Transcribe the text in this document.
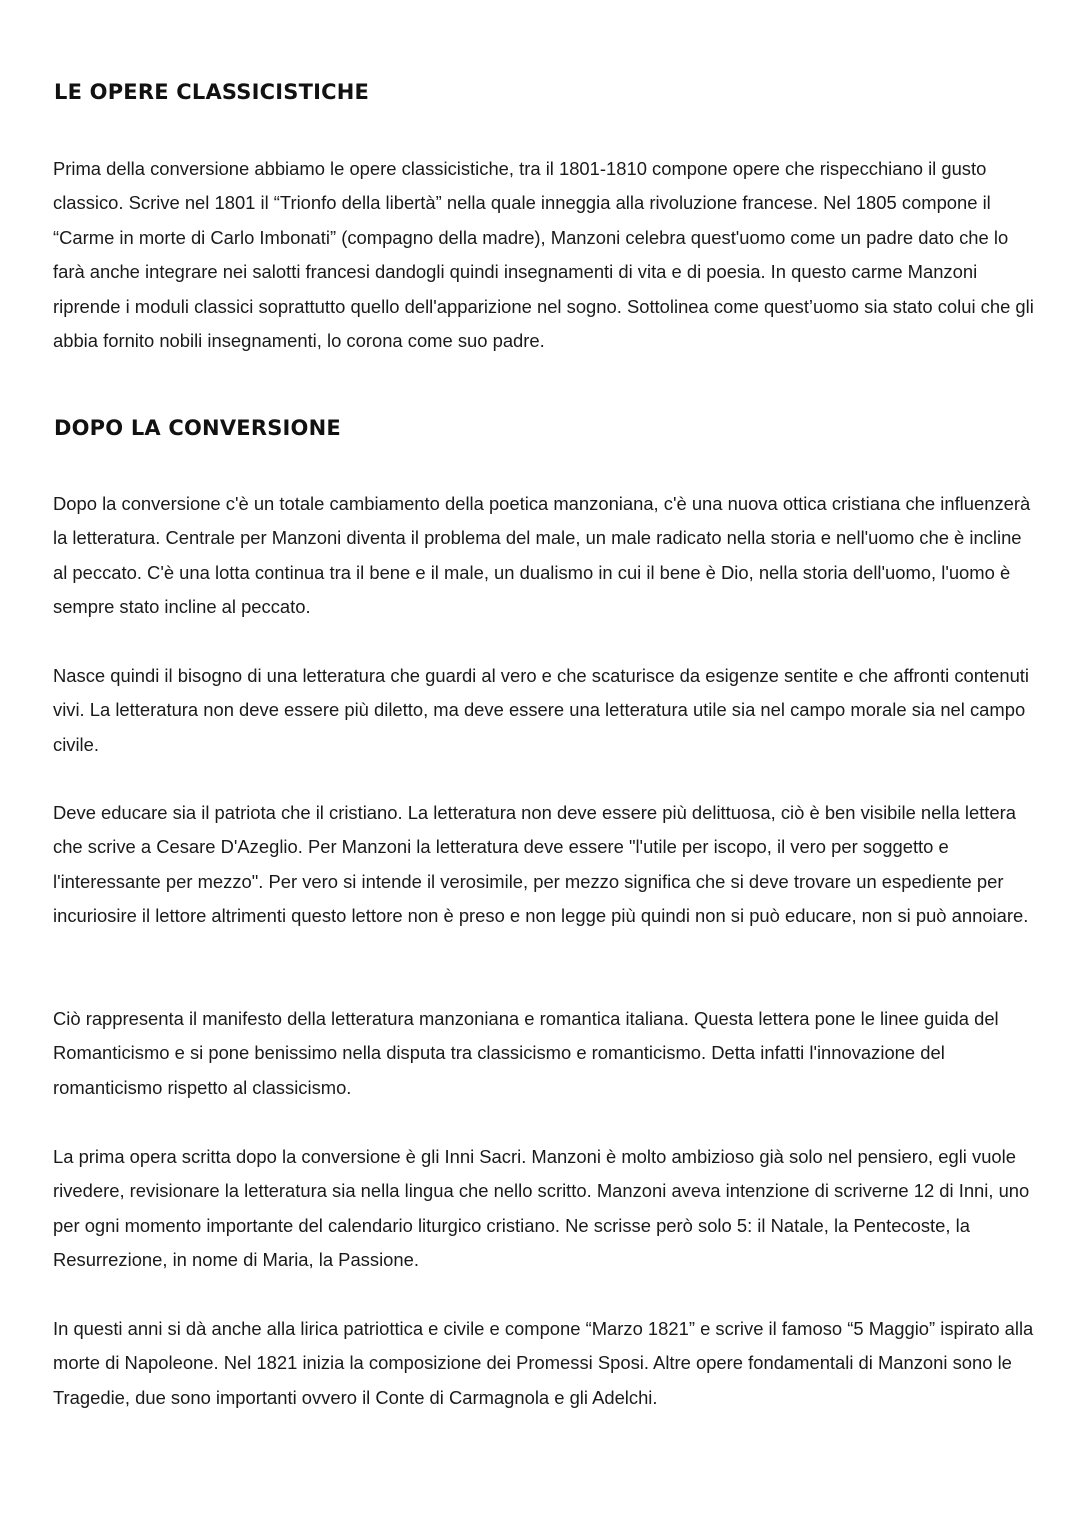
LE OPERE CLASSICISTICHE

Prima della conversione abbiamo le opere classicistiche, tra il 1801-1810 compone opere che rispecchiano il gusto classico. Scrive nel 1801 il “Trionfo della libertà” nella quale inneggia alla rivoluzione francese. Nel 1805 compone il “Carme in morte di Carlo Imbonati” (compagno della madre), Manzoni celebra quest'uomo come un padre dato che lo farà anche integrare nei salotti francesi dandogli quindi insegnamenti di vita e di poesia. In questo carme Manzoni riprende i moduli classici soprattutto quello dell'apparizione nel sogno. Sottolinea come quest’uomo sia stato colui che gli abbia fornito nobili insegnamenti, lo corona come suo padre.

DOPO LA CONVERSIONE

Dopo la conversione c'è un totale cambiamento della poetica manzoniana, c'è una nuova ottica cristiana che influenzerà la letteratura. Centrale per Manzoni diventa il problema del male, un male radicato nella storia e nell'uomo che è incline al peccato. C'è una lotta continua tra il bene e il male, un dualismo in cui il bene è Dio, nella storia dell'uomo, l'uomo è sempre stato incline al peccato.

Nasce quindi il bisogno di una letteratura che guardi al vero e che scaturisce da esigenze sentite e che affronti contenuti vivi. La letteratura non deve essere più diletto, ma deve essere una letteratura utile sia nel campo morale sia nel campo civile.

Deve educare sia il patriota che il cristiano. La letteratura non deve essere più delittuosa, ciò è ben visibile nella lettera che scrive a Cesare D'Azeglio. Per Manzoni la letteratura deve essere "l'utile per iscopo, il vero per soggetto e l'interessante per mezzo". Per vero si intende il verosimile, per mezzo significa che si deve trovare un espediente per incuriosire il lettore altrimenti questo lettore non è preso e non legge più quindi non si può educare, non si può annoiare.

Ciò rappresenta il manifesto della letteratura manzoniana e romantica italiana. Questa lettera pone le linee guida del Romanticismo e si pone benissimo nella disputa tra classicismo e romanticismo. Detta infatti l'innovazione del romanticismo rispetto al classicismo.

La prima opera scritta dopo la conversione è gli Inni Sacri. Manzoni è molto ambizioso già solo nel pensiero, egli vuole rivedere, revisionare la letteratura sia nella lingua che nello scritto. Manzoni aveva intenzione di scriverne 12 di Inni, uno per ogni momento importante del calendario liturgico cristiano. Ne scrisse però solo 5: il Natale, la Pentecoste, la Resurrezione, in nome di Maria, la Passione.

In questi anni si dà anche alla lirica patriottica e civile e compone “Marzo 1821” e scrive il famoso “5 Maggio” ispirato alla morte di Napoleone. Nel 1821 inizia la composizione dei Promessi Sposi. Altre opere fondamentali di Manzoni sono le Tragedie, due sono importanti ovvero il Conte di Carmagnola e gli Adelchi.
